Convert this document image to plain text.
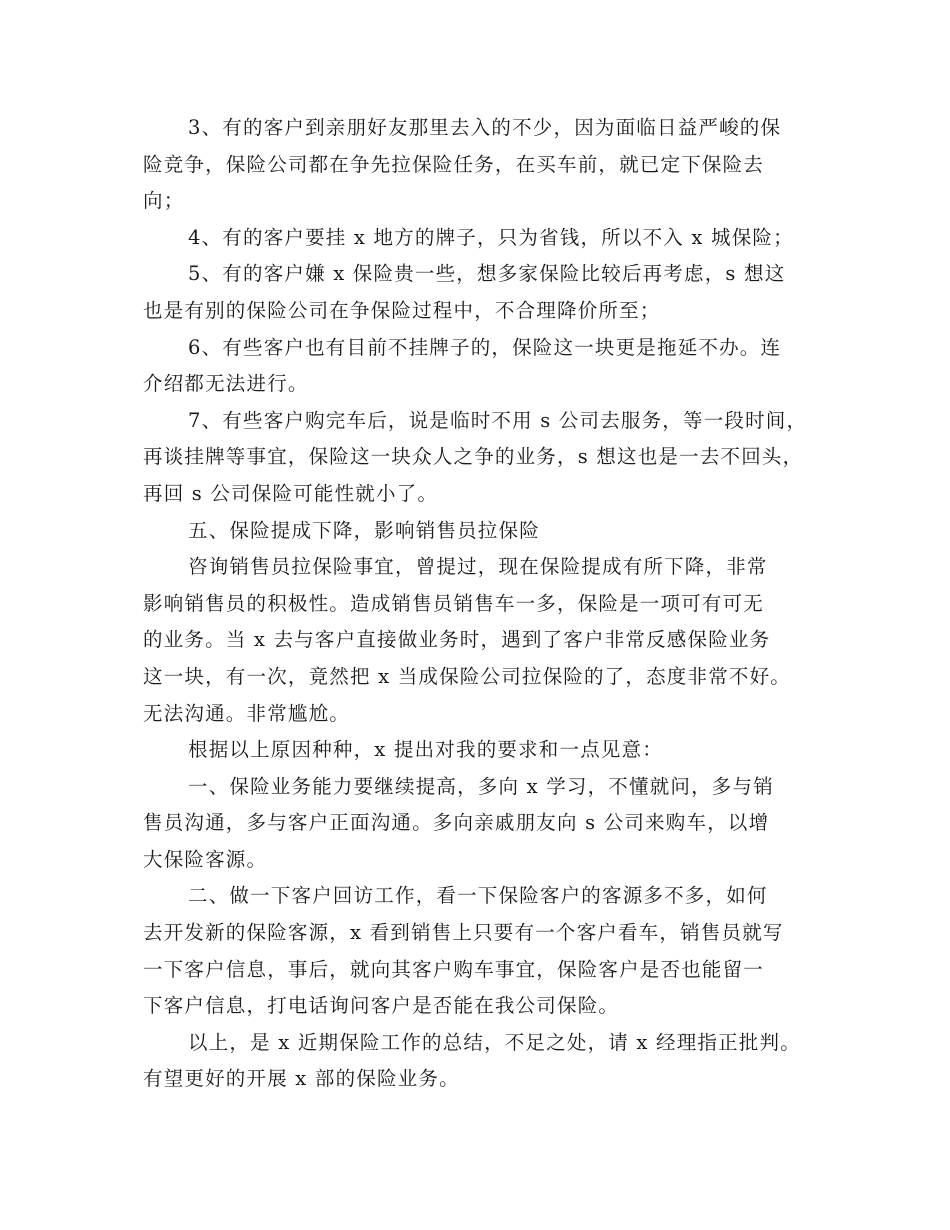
3、有的客户到亲朋好友那里去入的不少，因为面临日益严峻的保
险竞争，保险公司都在争先拉保险任务，在买车前，就已定下保险去
向；
4、有的客户要挂 x 地方的牌子，只为省钱，所以不入 x 城保险；
5、有的客户嫌 x 保险贵一些，想多家保险比较后再考虑，s 想这
也是有别的保险公司在争保险过程中，不合理降价所至；
6、有些客户也有目前不挂牌子的，保险这一块更是拖延不办。连
介绍都无法进行。
7、有些客户购完车后，说是临时不用 s 公司去服务，等一段时间，
再谈挂牌等事宜，保险这一块众人之争的业务，s 想这也是一去不回头，
再回 s 公司保险可能性就小了。
五、保险提成下降，影响销售员拉保险
咨询销售员拉保险事宜，曾提过，现在保险提成有所下降，非常
影响销售员的积极性。造成销售员销售车一多，保险是一项可有可无
的业务。当 x 去与客户直接做业务时，遇到了客户非常反感保险业务
这一块，有一次，竟然把 x 当成保险公司拉保险的了，态度非常不好。
无法沟通。非常尴尬。
根据以上原因种种，x 提出对我的要求和一点见意：
一、保险业务能力要继续提高，多向 x 学习，不懂就问，多与销
售员沟通，多与客户正面沟通。多向亲戚朋友向 s 公司来购车，以增
大保险客源。
二、做一下客户回访工作，看一下保险客户的客源多不多，如何
去开发新的保险客源，x 看到销售上只要有一个客户看车，销售员就写
一下客户信息，事后，就向其客户购车事宜，保险客户是否也能留一
下客户信息，打电话询问客户是否能在我公司保险。
以上，是 x 近期保险工作的总结，不足之处，请 x 经理指正批判。
有望更好的开展 x 部的保险业务。
